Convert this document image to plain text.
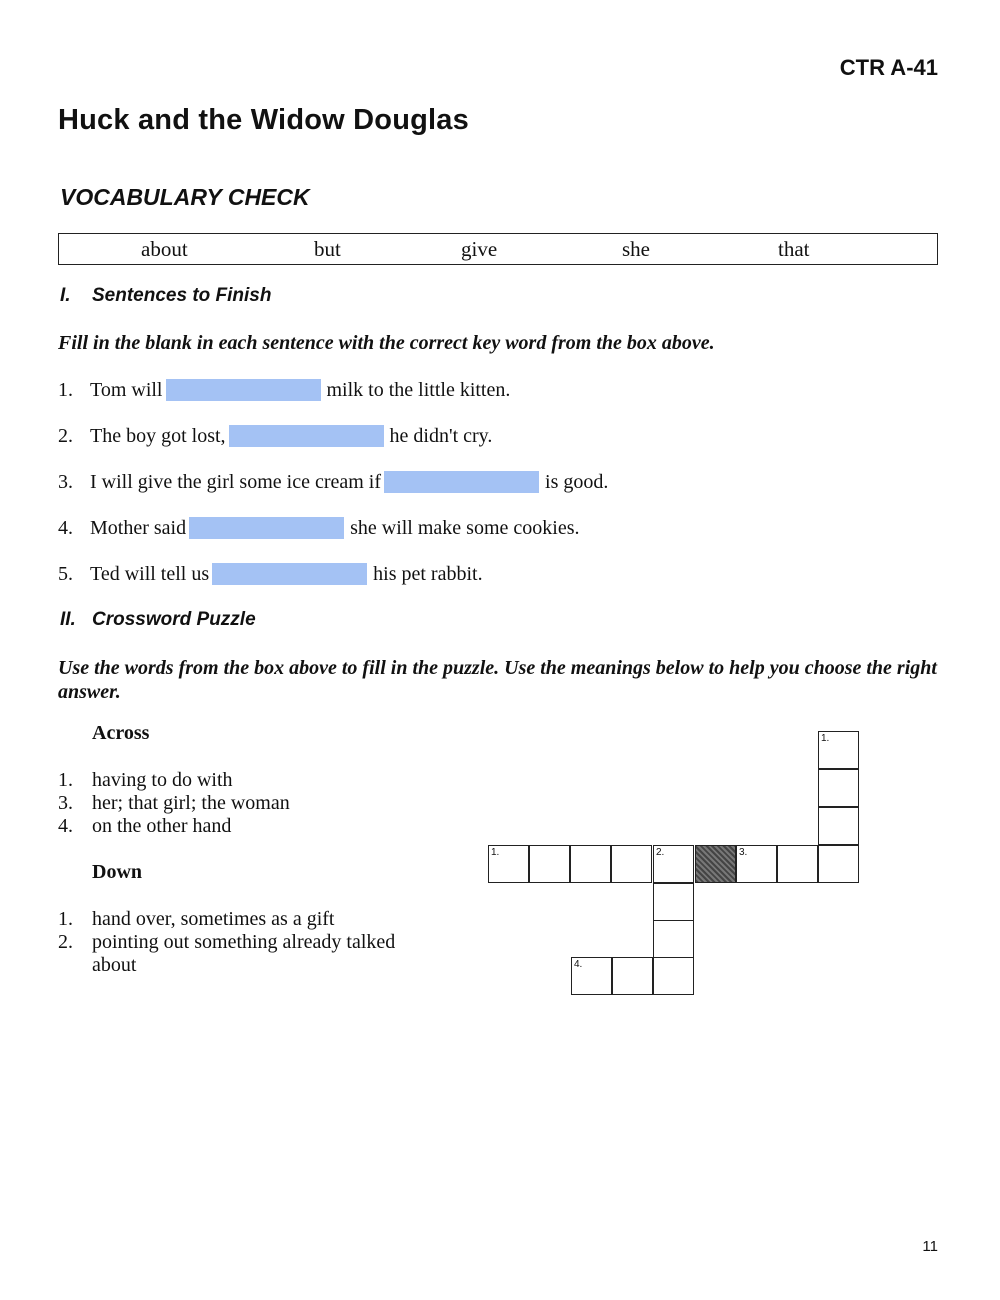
CTR A-41
Huck and the Widow Douglas
VOCABULARY CHECK
about	but	give	she	that
I. Sentences to Finish
Fill in the blank in each sentence with the correct key word from the box above.
1. Tom will	milk to the little kitten.
2. The boy got lost,	he didn't cry.
3. I will give the girl some ice cream if	is good.
4. Mother said	she will make some cookies.
5. Ted will tell us	his pet rabbit.
II. Crossword Puzzle
Use the words from the box above to fill in the puzzle. Use the meanings below to help you choose the right answer.
Across
1. having to do with
3. her; that girl; the woman
4. on the other hand
Down
1. hand over, sometimes as a gift
2. pointing out something already talked about
1.
1.	2.	3.
4.
11
